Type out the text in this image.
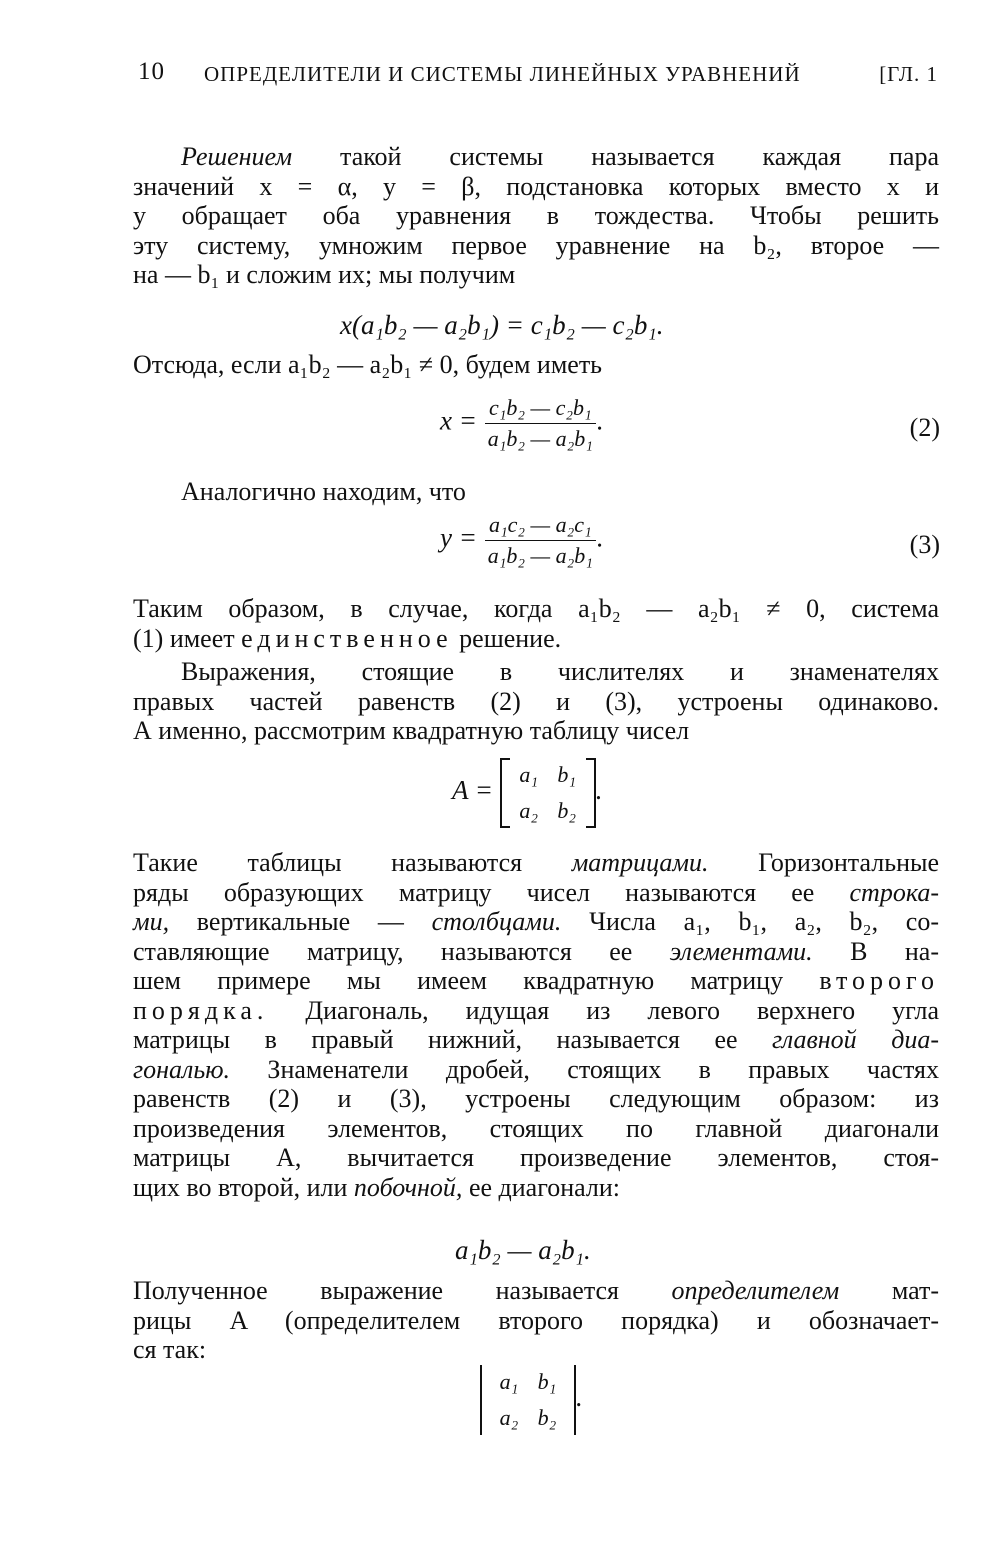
10 ОПРЕДЕЛИТЕЛИ И СИСТЕМЫ ЛИНЕЙНЫХ УРАВНЕНИЙ	[ГЛ. 1
Решением такой системы называется каждая пара
значений x = α, y = β, подстановка которых вместо x и
y обращает оба уравнения в тождества. Чтобы решить
эту систему, умножим первое уравнение на b₂, второе —
на — b₁ и сложим их; мы получим
x(a₁b₂ — a₂b₁) = c₁b₂ — c₂b₁.
Отсюда, если a₁b₂ — a₂b₁ ≠ 0, будем иметь
$x = \frac{\text{c₁b₂ — c₂b₁}}{\text{a₁b₂ — a₂b₁}}$ .	(2)
Аналогично находим, что
$y = \frac{\text{a₁c₂ — a₂c₁}}{\text{a₁b₂ — a₂b₁}}$ .	(3)
Таким образом, в случае, когда a₁b₂ — a₂b₁ ≠ 0, система
(1) имеет единственное решение.
Выражения, стоящие в числителях и знаменателях
правых частей равенств (2) и (3), устроены одинаково.
А именно, рассмотрим квадратную таблицу чисел
A =
a₁ b₁
a₂ b₂
.
Такие таблицы называются матрицами. Горизонтальные
ряды образующих матрицу чисел называются ее строка-
ми, вертикальные — столбцами. Числа a₁, b₁, a₂, b₂, со-
ставляющие матрицу, называются ее элементами. В на-
шем примере мы имеем квадратную матрицу второго
порядка. Диагональ, идущая из левого верхнего угла
матрицы в правый нижний, называется ее главной диа-
гональю. Знаменатели дробей, стоящих в правых частях
равенств (2) и (3), устроены следующим образом: из
произведения элементов, стоящих по главной диагонали
матрицы A, вычитается произведение элементов, стоя-
щих во второй, или побочной, ее диагонали:
a₁b₂ — a₂b₁.
Полученное выражение называется определителем мат-
рицы A (определителем второго порядка) и обозначает-
ся так:
a₁ b₁
a₂ b₂
.
